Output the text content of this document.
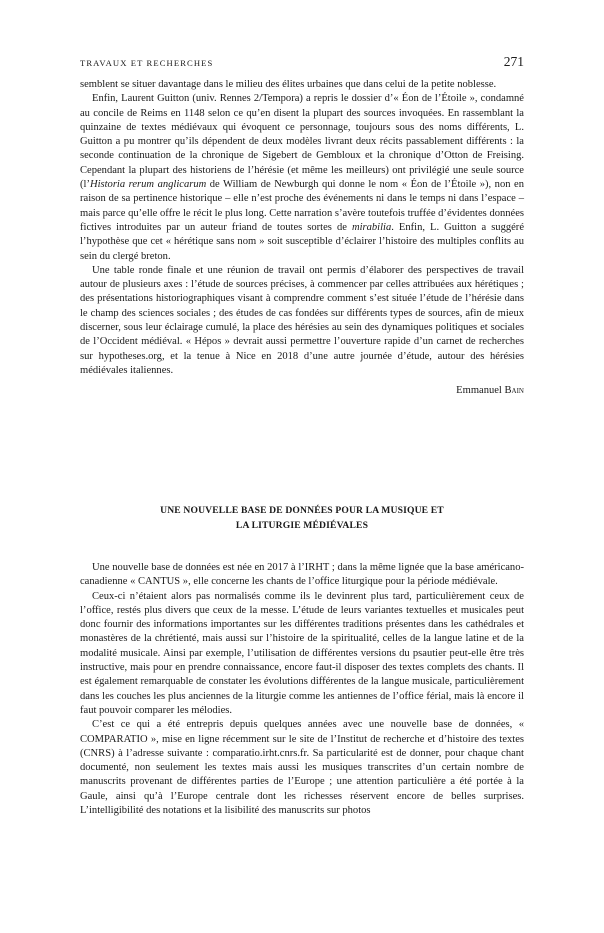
TRAVAUX ET RECHERCHES	271

semblent se situer davantage dans le milieu des élites urbaines que dans celui de la petite noblesse.

Enfin, Laurent Guitton (univ. Rennes 2/Tempora) a repris le dossier d’« Éon de l’Étoile », condamné au concile de Reims en 1148 selon ce qu’en disent la plupart des sources invoquées. En rassemblant la quinzaine de textes médiévaux qui évoquent ce personnage, toujours sous des noms différents, L. Guitton a pu montrer qu’ils dépendent de deux modèles livrant deux récits passablement différents : la seconde continuation de la chronique de Sigebert de Gembloux et la chronique d’Otton de Freising. Cependant la plupart des historiens de l’hérésie (et même les meilleurs) ont privilégié une seule source (l’Historia rerum anglicarum de William de Newburgh qui donne le nom « Éon de l’Étoile »), non en raison de sa pertinence historique – elle n’est proche des événements ni dans le temps ni dans l’espace – mais parce qu’elle offre le récit le plus long. Cette narration s’avère toutefois truffée d’évidentes données fictives introduites par un auteur friand de toutes sortes de mirabilia. Enfin, L. Guitton a suggéré l’hypothèse que cet « hérétique sans nom » soit susceptible d’éclairer l’histoire des multiples conflits au sein du clergé breton.

Une table ronde finale et une réunion de travail ont permis d’élaborer des perspectives de travail autour de plusieurs axes : l’étude de sources précises, à commencer par celles attribuées aux hérétiques ; des présentations historiographiques visant à comprendre comment s’est située l’étude de l’hérésie dans le champ des sciences sociales ; des études de cas fondées sur différents types de sources, afin de mieux discerner, sous leur éclairage cumulé, la place des hérésies au sein des dynamiques politiques et sociales de l’Occident médiéval. « Hépos » devrait aussi permettre l’ouverture rapide d’un carnet de recherches sur hypotheses.org, et la tenue à Nice en 2018 d’une autre journée d’étude, autour des hérésies médiévales italiennes.

Emmanuel Bain
UNE NOUVELLE BASE DE DONNÉES POUR LA MUSIQUE ET
LA LITURGIE MÉDIÉVALES

Une nouvelle base de données est née en 2017 à l’IRHT ; dans la même lignée que la base américano-canadienne « CANTUS », elle concerne les chants de l’office liturgique pour la période médiévale.

Ceux-ci n’étaient alors pas normalisés comme ils le devinrent plus tard, particulièrement ceux de l’office, restés plus divers que ceux de la messe. L’étude de leurs variantes textuelles et musicales peut donc fournir des informations importantes sur les différentes traditions présentes dans les cathédrales et monastères de la chrétienté, mais aussi sur l’histoire de la spiritualité, celles de la langue latine et de la modalité musicale. Ainsi par exemple, l’utilisation de différentes versions du psautier peut-elle être très instructive, mais pour en prendre connaissance, encore faut-il disposer des textes complets des chants. Il est également remarquable de constater les évolutions différentes de la langue musicale, particulièrement dans les couches les plus anciennes de la liturgie comme les antiennes de l’office férial, mais là encore il faut pouvoir comparer les mélodies.

C’est ce qui a été entrepris depuis quelques années avec une nouvelle base de données, « COMPARATIO », mise en ligne récemment sur le site de l’Institut de recherche et d’histoire des textes (CNRS) à l’adresse suivante : comparatio.irht.cnrs.fr. Sa particularité est de donner, pour chaque chant documenté, non seulement les textes mais aussi les musiques transcrites d’un certain nombre de manuscrits provenant de différentes parties de l’Europe ; une attention particulière a été portée à la Gaule, ainsi qu’à l’Europe centrale dont les richesses réservent encore de belles surprises. L’intelligibilité des notations et la lisibilité des manuscrits sur photos
